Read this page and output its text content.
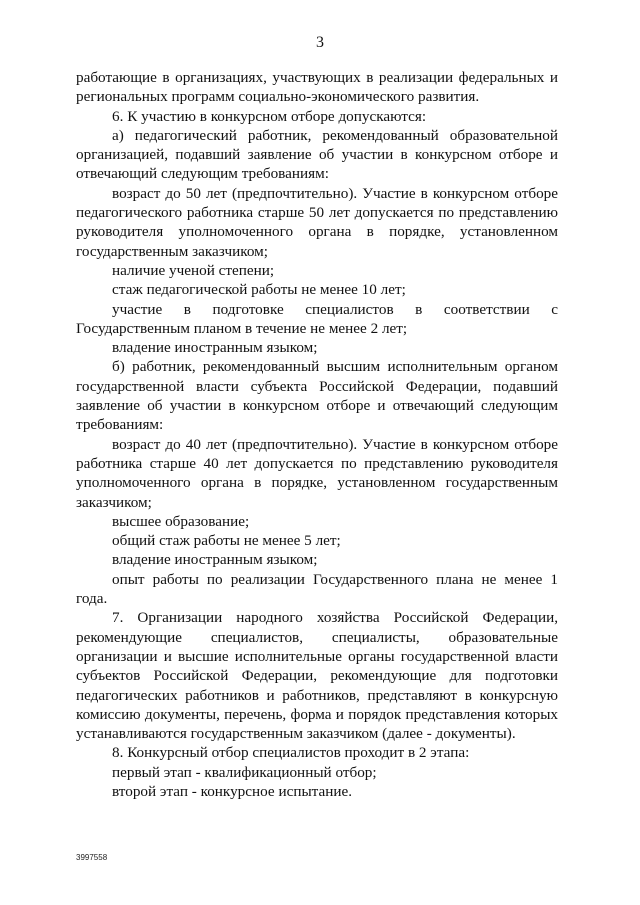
3

работающие в организациях, участвующих в реализации федеральных и региональных программ социально-экономического развития.

6. К участию в конкурсном отборе допускаются:

а) педагогический работник, рекомендованный образовательной организацией, подавший заявление об участии в конкурсном отборе и отвечающий следующим требованиям:

возраст до 50 лет (предпочтительно). Участие в конкурсном отборе педагогического работника старше 50 лет допускается по представлению руководителя уполномоченного органа в порядке, установленном государственным заказчиком;

наличие ученой степени;

стаж педагогической работы не менее 10 лет;

участие в подготовке специалистов в соответствии с Государственным планом в течение не менее 2 лет;

владение иностранным языком;

б) работник, рекомендованный высшим исполнительным органом государственной власти субъекта Российской Федерации, подавший заявление об участии в конкурсном отборе и отвечающий следующим требованиям:

возраст до 40 лет (предпочтительно). Участие в конкурсном отборе работника старше 40 лет допускается по представлению руководителя уполномоченного органа в порядке, установленном государственным заказчиком;

высшее образование;

общий стаж работы не менее 5 лет;

владение иностранным языком;

опыт работы по реализации Государственного плана не менее 1 года.

7. Организации народного хозяйства Российской Федерации, рекомендующие специалистов, специалисты, образовательные организации и высшие исполнительные органы государственной власти субъектов Российской Федерации, рекомендующие для подготовки педагогических работников и работников, представляют в конкурсную комиссию документы, перечень, форма и порядок представления которых устанавливаются государственным заказчиком (далее - документы).

8. Конкурсный отбор специалистов проходит в 2 этапа:

первый этап - квалификационный отбор;

второй этап - конкурсное испытание.

3997558
